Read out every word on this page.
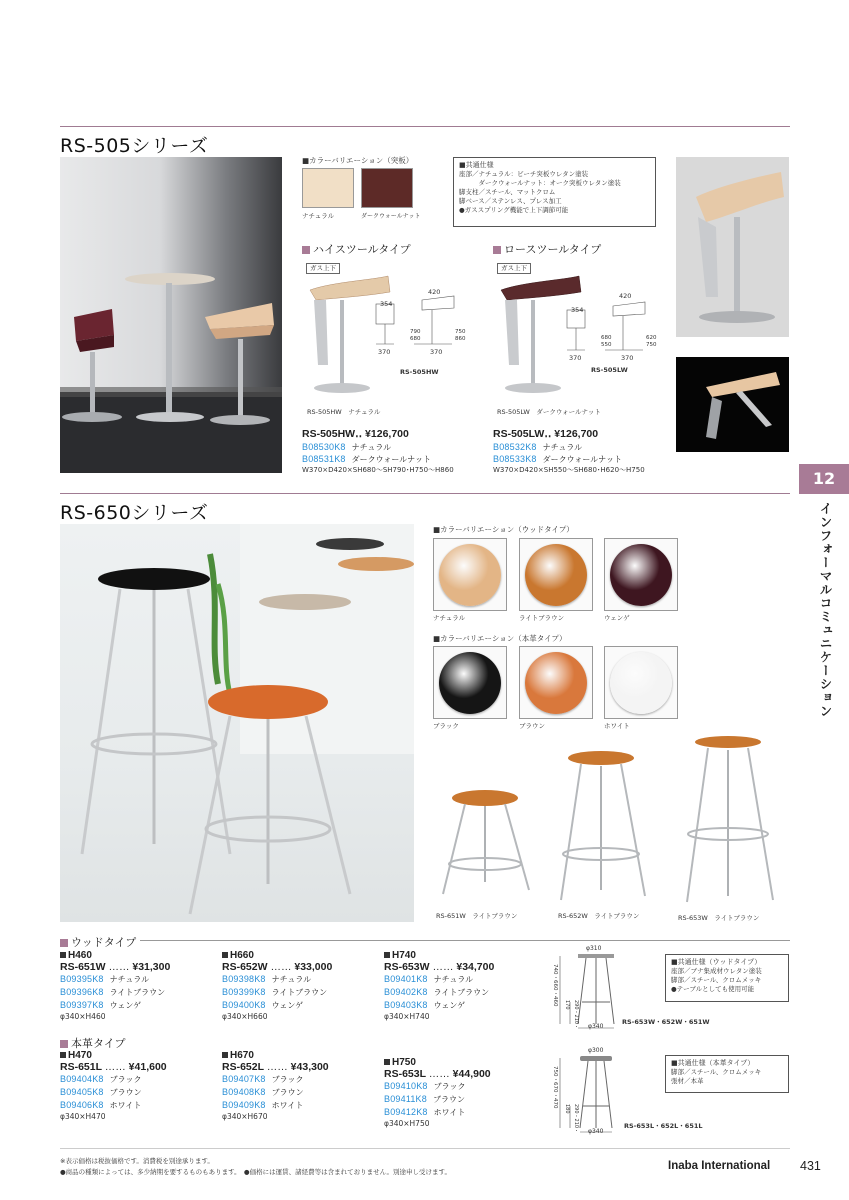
RS-505シリーズ
■カラーバリエーション（突板）
ナチュラル	ダークウォールナット
■共通仕様
座部／ナチュラル：ビーチ突板ウレタン塗装
　　　ダークウォールナット：オーク突板ウレタン塗装
脚支柱／スチール、マットクロム
脚ベース／ステンレス、プレス加工
●ガススプリング機能で上下調節可能
ハイスツールタイプ
ガス上下
354
420
790
680
750
860
370	370
RS-505HW
RS-505HW　ナチュラル
RS-505HW‥ ¥126,700
B08530K8 ナチュラル
B08531K8 ダークウォールナット
W370×D420×SH680～SH790･H750～H860
ロースツールタイプ
ガス上下
354
420
680
550
620
750
370	370
RS-505LW
RS-505LW　ダークウォールナット
RS-505LW‥ ¥126,700
B08532K8 ナチュラル
B08533K8 ダークウォールナット
W370×D420×SH550～SH680･H620～H750	12
インフォーマルコミュニケーション
RS-650シリーズ
■カラーバリエーション（ウッドタイプ）
ナチュラル	ライトブラウン	ウェンゲ
■カラーバリエーション（本革タイプ）
ブラック	ブラウン	ホワイト
RS-651W　ライトブラウン	RS-652W　ライトブラウン	RS-653W　ライトブラウン
ウッドタイプ
H460
RS-651W …… ¥31,300
B09395K8 ナチュラル
B09396K8 ライトブラウン
B09397K8 ウェンゲ
φ340×H460
H660
RS-652W …… ¥33,000
B09398K8 ナチュラル
B09399K8 ライトブラウン
B09400K8 ウェンゲ
φ340×H660
H740
RS-653W …… ¥34,700
B09401K8 ナチュラル
B09402K8 ライトブラウン
B09403K8 ウェンゲ
φ340×H740
φ310
740・660・460
290・210・170
φ340
RS-653W・652W・651W
■共通仕様（ウッドタイプ）
座部／ブナ集成材ウレタン塗装
脚部／スチール、クロムメッキ
●テーブルとしても使用可能
本革タイプ
H470
RS-651L …… ¥41,600
B09404K8 ブラック
B09405K8 ブラウン
B09406K8 ホワイト
φ340×H470
H670
RS-652L …… ¥43,300
B09407K8 ブラック
B09408K8 ブラウン
B09409K8 ホワイト
φ340×H670
H750
RS-653L …… ¥44,900
B09410K8 ブラック
B09411K8 ブラウン
B09412K8 ホワイト
φ340×H750
φ300
750・670・470
290・210・180
φ340
RS-653L・652L・651L
■共通仕様（本革タイプ）
脚部／スチール、クロムメッキ
張材／本革
※表示価格は税抜価格です。消費税を別途承ります。
●商品の種類によっては、多少納期を要するものもあります。　●価格には運賃、諸経費等は含まれておりません。別途申し受けます。	Inaba International 431
